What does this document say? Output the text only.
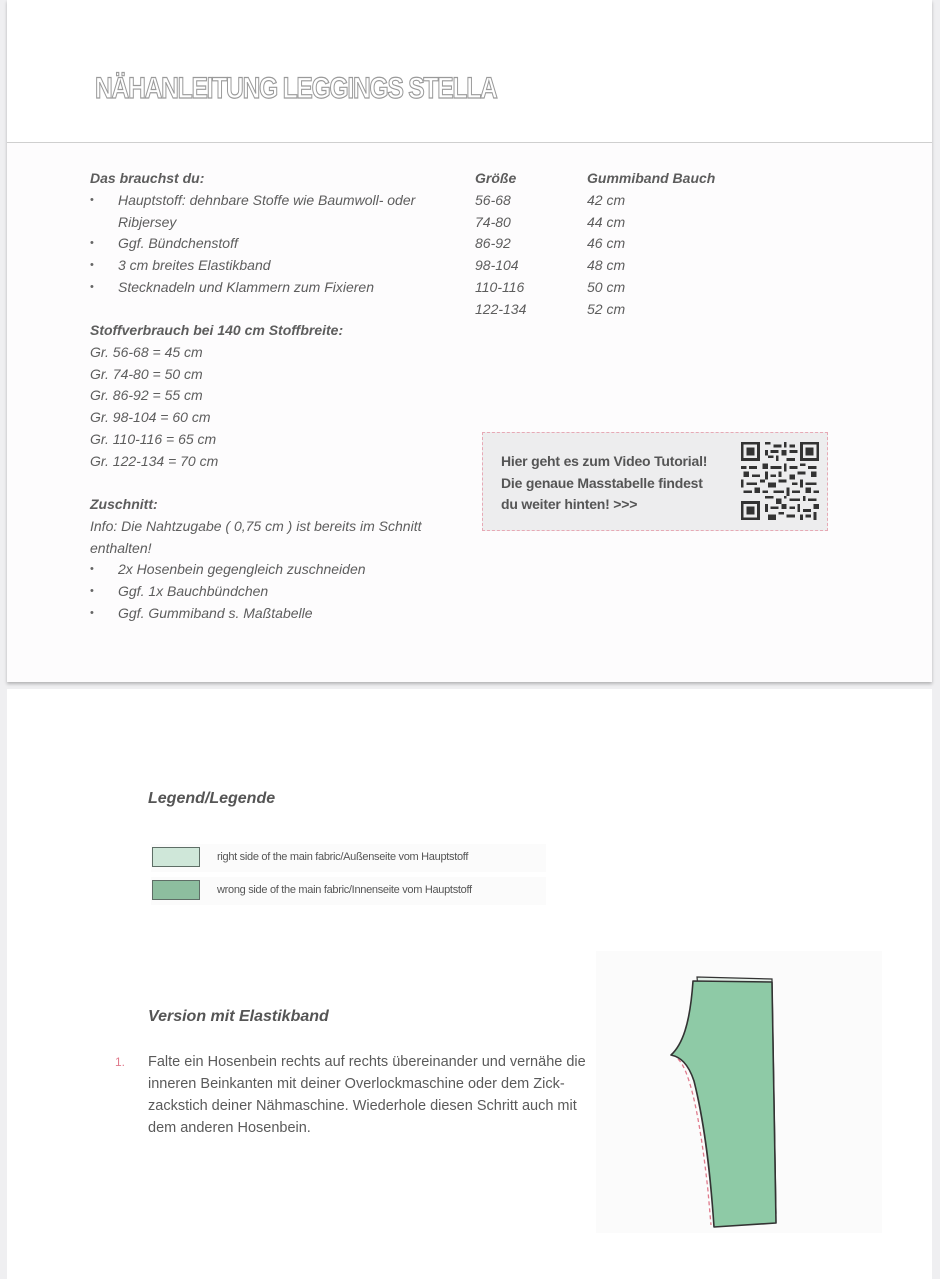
NÄHANLEITUNG LEGGINGS STELLA
Das brauchst du:
• Hauptstoff: dehnbare Stoffe wie Baumwoll- oder Ribjersey
• Ggf. Bündchenstoff
• 3 cm breites Elastikband
• Stecknadeln und Klammern zum Fixieren
Größe	Gummiband Bauch
56-68	42 cm
74-80	44 cm
86-92	46 cm
98-104	48 cm
110-116	50 cm
122-134	52 cm
Stoffverbrauch bei 140 cm Stoffbreite:
Gr. 56-68 = 45 cm
Gr. 74-80 = 50 cm
Gr. 86-92 = 55 cm
Gr. 98-104 = 60 cm
Gr. 110-116 = 65 cm
Gr. 122-134 = 70 cm
Zuschnitt:
Info: Die Nahtzugabe ( 0,75 cm ) ist bereits im Schnitt
enthalten!
• 2x Hosenbein gegengleich zuschneiden
• Ggf. 1x Bauchbündchen
• Ggf. Gummiband s. Maßtabelle
Hier geht es zum Video Tutorial!
Die genaue Masstabelle findest
du weiter hinten! >>>
Legend/Legende
right side of the main fabric/Außenseite vom Hauptstoff
wrong side of the main fabric/Innenseite vom Hauptstoff
Version mit Elastikband
1. Falte ein Hosenbein rechts auf rechts übereinander und vernähe die inneren Beinkanten mit deiner Overlockmaschine oder dem Zick-zackstich deiner Nähmaschine. Wiederhole diesen Schritt auch mit dem anderen Hosenbein.
